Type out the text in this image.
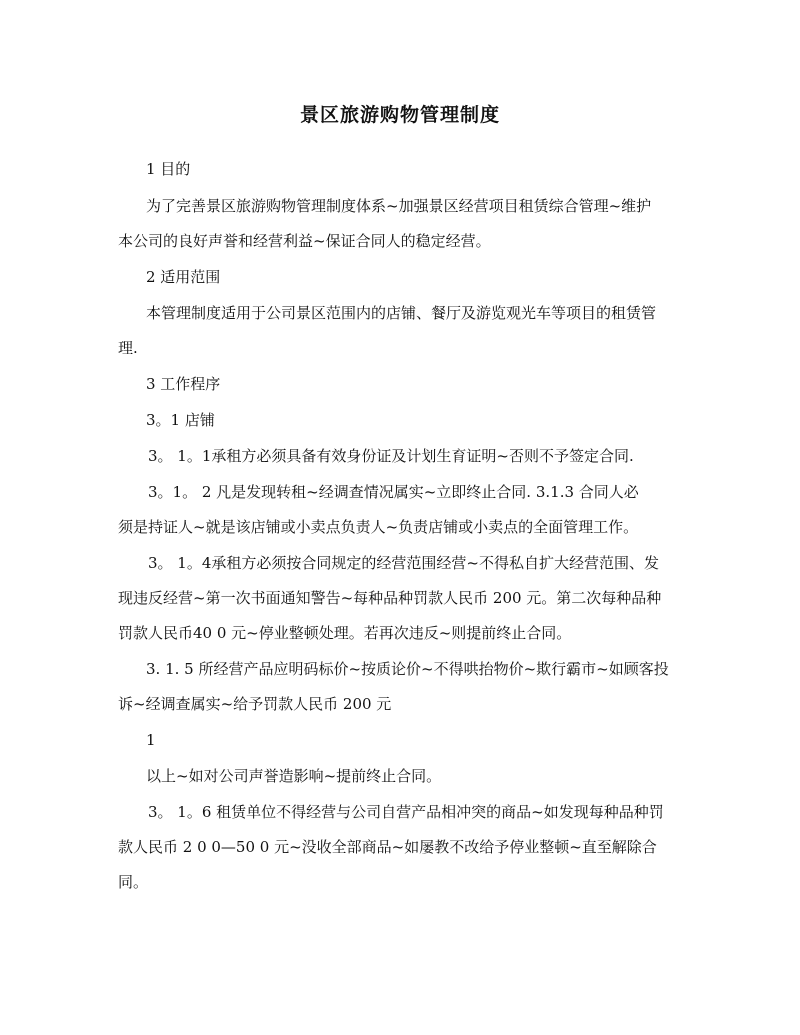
景区旅游购物管理制度
1 目的
为了完善景区旅游购物管理制度体系~加强景区经营项目租赁综合管理~维护
本公司的良好声誉和经营利益~保证合同人的稳定经营。
2 适用范围
本管理制度适用于公司景区范围内的店铺、餐厅及游览观光车等项目的租赁管
理.
3 工作程序
3。1 店铺
3。 1。1承租方必须具备有效身份证及计划生育证明~否则不予签定合同.
3。1。 2 凡是发现转租~经调查情况属实~立即终止合同. 3.1.3 合同人必
须是持证人~就是该店铺或小卖点负责人~负责店铺或小卖点的全面管理工作。
3。 1。4承租方必须按合同规定的经营范围经营~不得私自扩大经营范围、发
现违反经营~第一次书面通知警告~每种品种罚款人民币 200 元。第二次每种品种
罚款人民币40 0 元~停业整顿处理。若再次违反~则提前终止合同。
3. 1. 5 所经营产品应明码标价~按质论价~不得哄抬物价~欺行霸市~如顾客投
诉~经调查属实~给予罚款人民币 200 元
1
以上~如对公司声誉造影响~提前终止合同。
3。 1。6 租赁单位不得经营与公司自营产品相冲突的商品~如发现每种品种罚
款人民币 2 0 0—50 0 元~没收全部商品~如屡教不改给予停业整顿~直至解除合
同。
